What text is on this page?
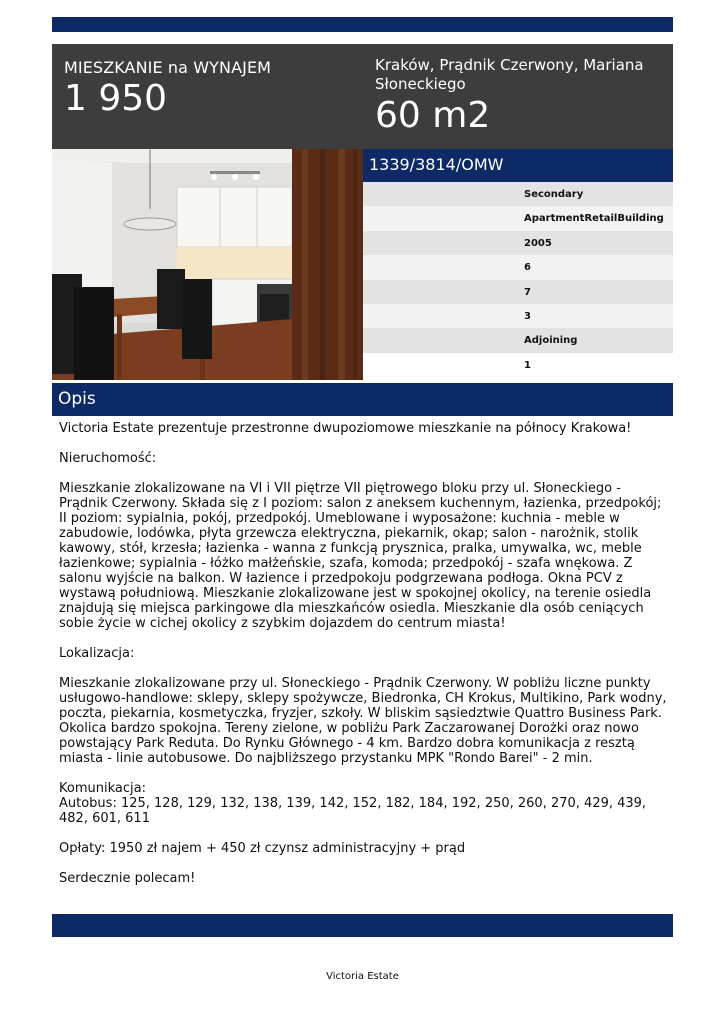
MIESZKANIE na WYNAJEM
1 950
Kraków, Prądnik Czerwony, Mariana Słoneckiego
60 m2
1339/3814/OMW
Secondary
ApartmentRetailBuilding
2005
6
7
3
Adjoining
1
Opis

Victoria Estate prezentuje przestronne dwupoziomowe mieszkanie na północy Krakowa!

Nieruchomość:

Mieszkanie zlokalizowane na VI i VII piętrze VII piętrowego bloku przy ul. Słoneckiego - Prądnik Czerwony. Składa się z I poziom: salon z aneksem kuchennym, łazienka, przedpokój; II poziom: sypialnia, pokój, przedpokój. Umeblowane i wyposażone: kuchnia - meble w zabudowie, lodówka, płyta grzewcza elektryczna, piekarnik, okap; salon - narożnik, stolik kawowy, stół, krzesła; łazienka - wanna z funkcją prysznica, pralka, umywalka, wc, meble łazienkowe; sypialnia - łóżko małżeńskie, szafa, komoda; przedpokój - szafa wnękowa. Z salonu wyjście na balkon. W łazience i przedpokoju podgrzewana podłoga. Okna PCV z wystawą południową. Mieszkanie zlokalizowane jest w spokojnej okolicy, na terenie osiedla znajdują się miejsca parkingowe dla mieszkańców osiedla. Mieszkanie dla osób ceniących sobie życie w cichej okolicy z szybkim dojazdem do centrum miasta!

Lokalizacja:

Mieszkanie zlokalizowane przy ul. Słoneckiego - Prądnik Czerwony. W pobliżu liczne punkty usługowo-handlowe: sklepy, sklepy spożywcze, Biedronka, CH Krokus, Multikino, Park wodny, poczta, piekarnia, kosmetyczka, fryzjer, szkoły. W bliskim sąsiedztwie Quattro Business Park. Okolica bardzo spokojna. Tereny zielone, w pobliżu Park Zaczarowanej Dorożki oraz nowo powstający Park Reduta. Do Rynku Głównego - 4 km. Bardzo dobra komunikacja z resztą miasta - linie autobusowe. Do najbliższego przystanku MPK "Rondo Barei" - 2 min.

Komunikacja:
Autobus: 125, 128, 129, 132, 138, 139, 142, 152, 182, 184, 192, 250, 260, 270, 429, 439, 482, 601, 611

Opłaty: 1950 zł najem + 450 zł czynsz administracyjny + prąd

Serdecznie polecam!

Victoria Estate
